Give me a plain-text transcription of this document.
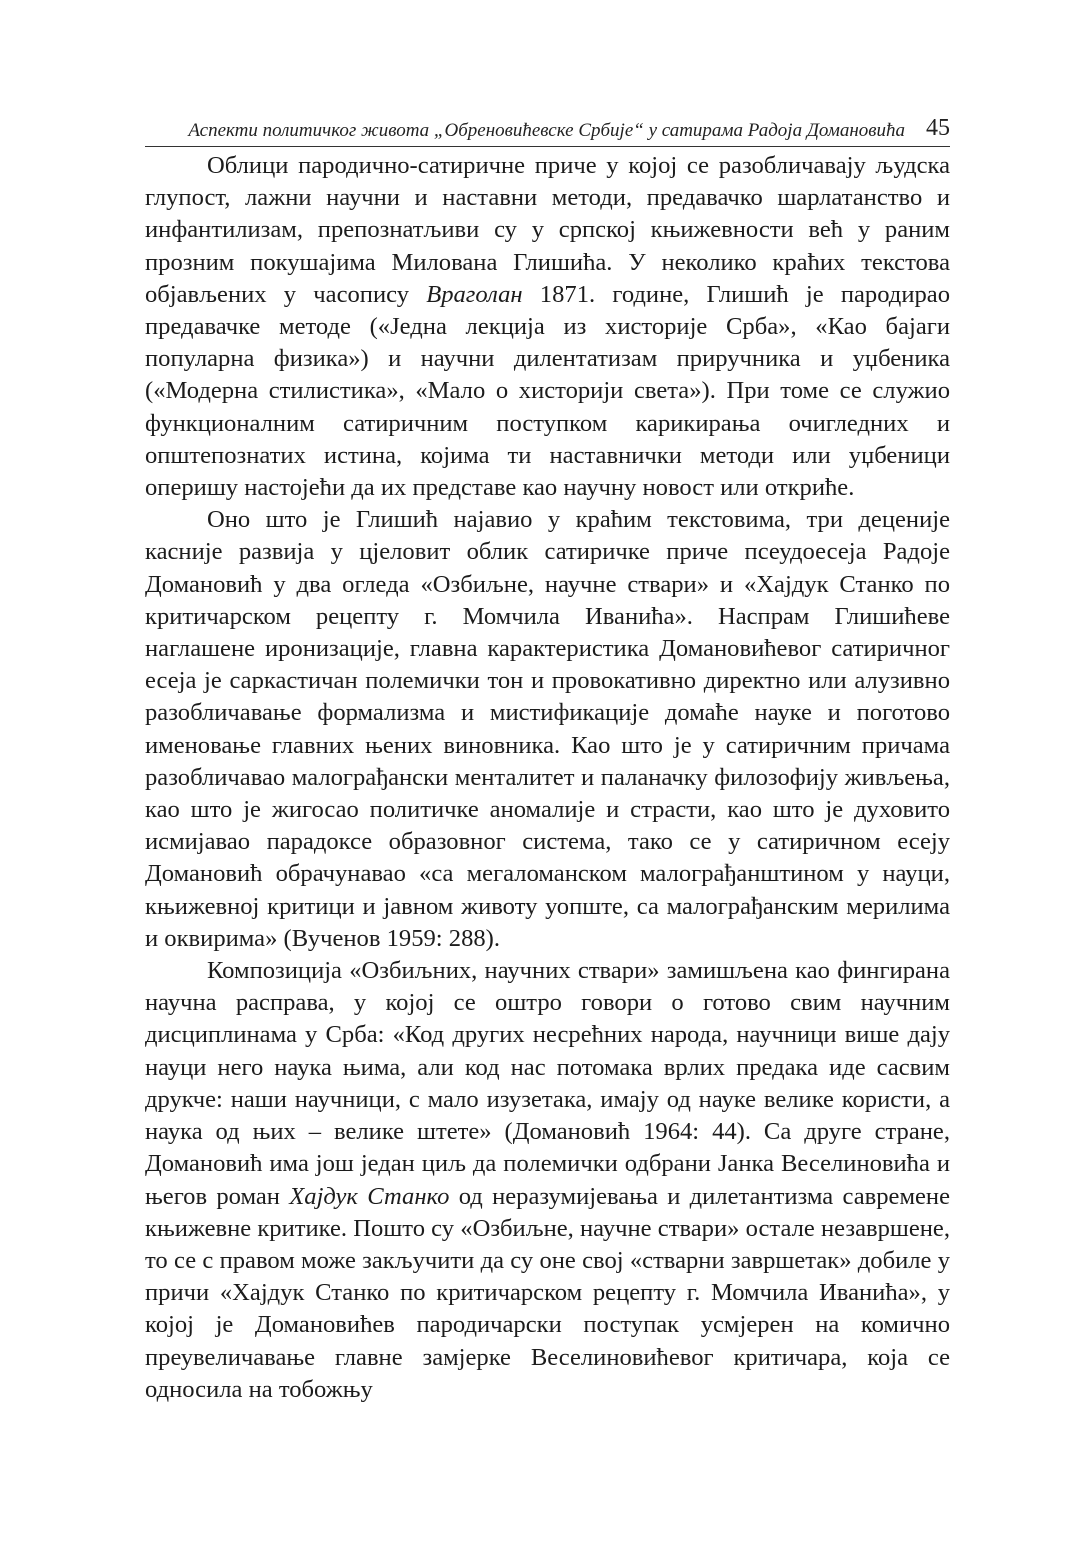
Аспекти политичког живота „Обреновићевске Србије“ у сатирама Радоја Домановића 45

Облици пародично-сатиричне приче у којој се разобличавају људска глупост, лажни научни и наставни методи, предавачко шарлатанство и инфантилизам, препознатљиви су у српској књижевности већ у раним прозним покушајима Милована Глишића. У неколико краћих текстова објављених у часопису Враголан 1871. године, Глишић је пародирао предавачке методе («Једна лекција из хисторије Срба», «Као бајаги популарна физика») и научни дилентатизам приручника и уџбеника («Модерна стилистика», «Мало о хисторији света»). При томе се служио функционалним сатиричним поступком карикирања очигледних и општепознатих истина, којима ти наставнички методи или уџбеници оперишу настојећи да их представе као научну новост или откриће.

Оно што је Глишић најавио у краћим текстовима, три деценије касније развија у цјеловит облик сатиричке приче псеудоесеја Радоје Домановић у два огледа «Озбиљне, научне ствари» и «Хајдук Станко по критичарском рецепту г. Момчила Иванића». Наспрам Глишићеве наглашене иронизације, главна карактеристика Домановићевог сатиричног есеја је саркастичан полемички тон и провокативно директно или алузивно разобличавање формализма и мистификације домаће науке и поготово именовање главних њених виновника. Као што је у сатиричним причама разобличавао малограђански менталитет и паланачку филозофију живљења, као што је жигосао политичке аномалије и страсти, као што је духовито исмијавао парадоксе образовног система, тако се у сатиричном есеју Домановић обрачунавао «са мегаломанском малограђанштином у науци, књижевној критици и јавном животу уопште, са малограђанским мерилима и оквирима» (Вученов 1959: 288).

Композиција «Озбиљних, научних ствари» замишљена као фингирана научна расправа, у којој се оштро говори о готово свим научним дисциплинама у Срба: «Код других несрећних народа, научници више дају науци него наука њима, али код нас потомака врлих предака иде сасвим друкче: наши научници, с мало изузетака, имају од науке велике користи, а наука од њих – велике штете» (Домановић 1964: 44). Са друге стране, Домановић има још један циљ да полемички одбрани Јанка Веселиновића и његов роман Хајдук Станко од неразумијевања и дилетантизма савремене књижевне критике. Пошто су «Озбиљне, научне ствари» остале незавршене, то се с правом може закључити да су оне свој «стварни завршетак» добиле у причи «Хајдук Станко по критичарском рецепту г. Момчила Иванића», у којој је Домановићев пародичарски поступак усмјерен на комично преувеличавање главне замјерке Веселиновићевог критичара, која се односила на тобожњу
